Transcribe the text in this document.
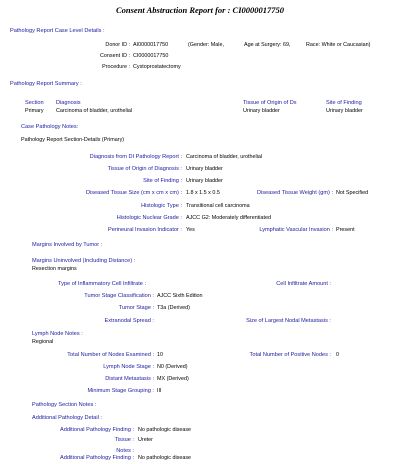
Consent Abstraction Report for : CI0000017750
Pathology Report Case Level Details :
Donor ID : AI0000017750	(Gender: Male,	Age at Surgery: 69,	Race: White or Caucasian)
Consent ID : CI0000017750
Procedure : Cystoprostatectomy
Pathology Report Summary :
Section Diagnosis	Tissue of Origin of Dx	Site of Finding
Primary Carcinoma of bladder, urothelial	Urinary bladder	Urinary bladder
Case Pathology Notes:
Pathology Report Section-Details (Primary)
Diagnosis from DI Pathology Report : Carcinoma of bladder, urothelial
Tissue of Origin of Diagnosis : Urinary bladder
Site of Finding : Urinary bladder
Diseased Tissue Size (cm x cm x cm) : 1.8 x 1.5 x 0.5	Diseased Tissue Weight (gm) : Not Specified
Histologic Type : Transitional cell carcinoma
Histologic Nuclear Grade : AJCC G2: Moderately differentiated
Perineural Invasion Indicator : Yes	Lymphatic Vascular Invasion : Present
Margins Involved by Tumor :
Margins Uninvolved (Including Distance) :
Resection margins
Type of Inflammatory Cell Infiltrate :	Cell Infiltrate Amount :
Tumor Stage Classification : AJCC Sixth Edition
Tumor Stage : T3a (Derived)
Extranodal Spread :	Size of Largest Nodal Metastasis :
Lymph Node Notes :
Regional
Total Number of Nodes Examined : 10	Total Number of Positive Nodes : 0
Lymph Node Stage : N0 (Derived)
Distant Metastasis : MX (Derived)
Minimum Stage Grouping : III
Pathology Section Notes :
Additional Pathology Detail :
Additional Pathology Finding : No pathologic disease
Tissue : Ureter
Notes :
Additional Pathology Finding : No pathologic disease
